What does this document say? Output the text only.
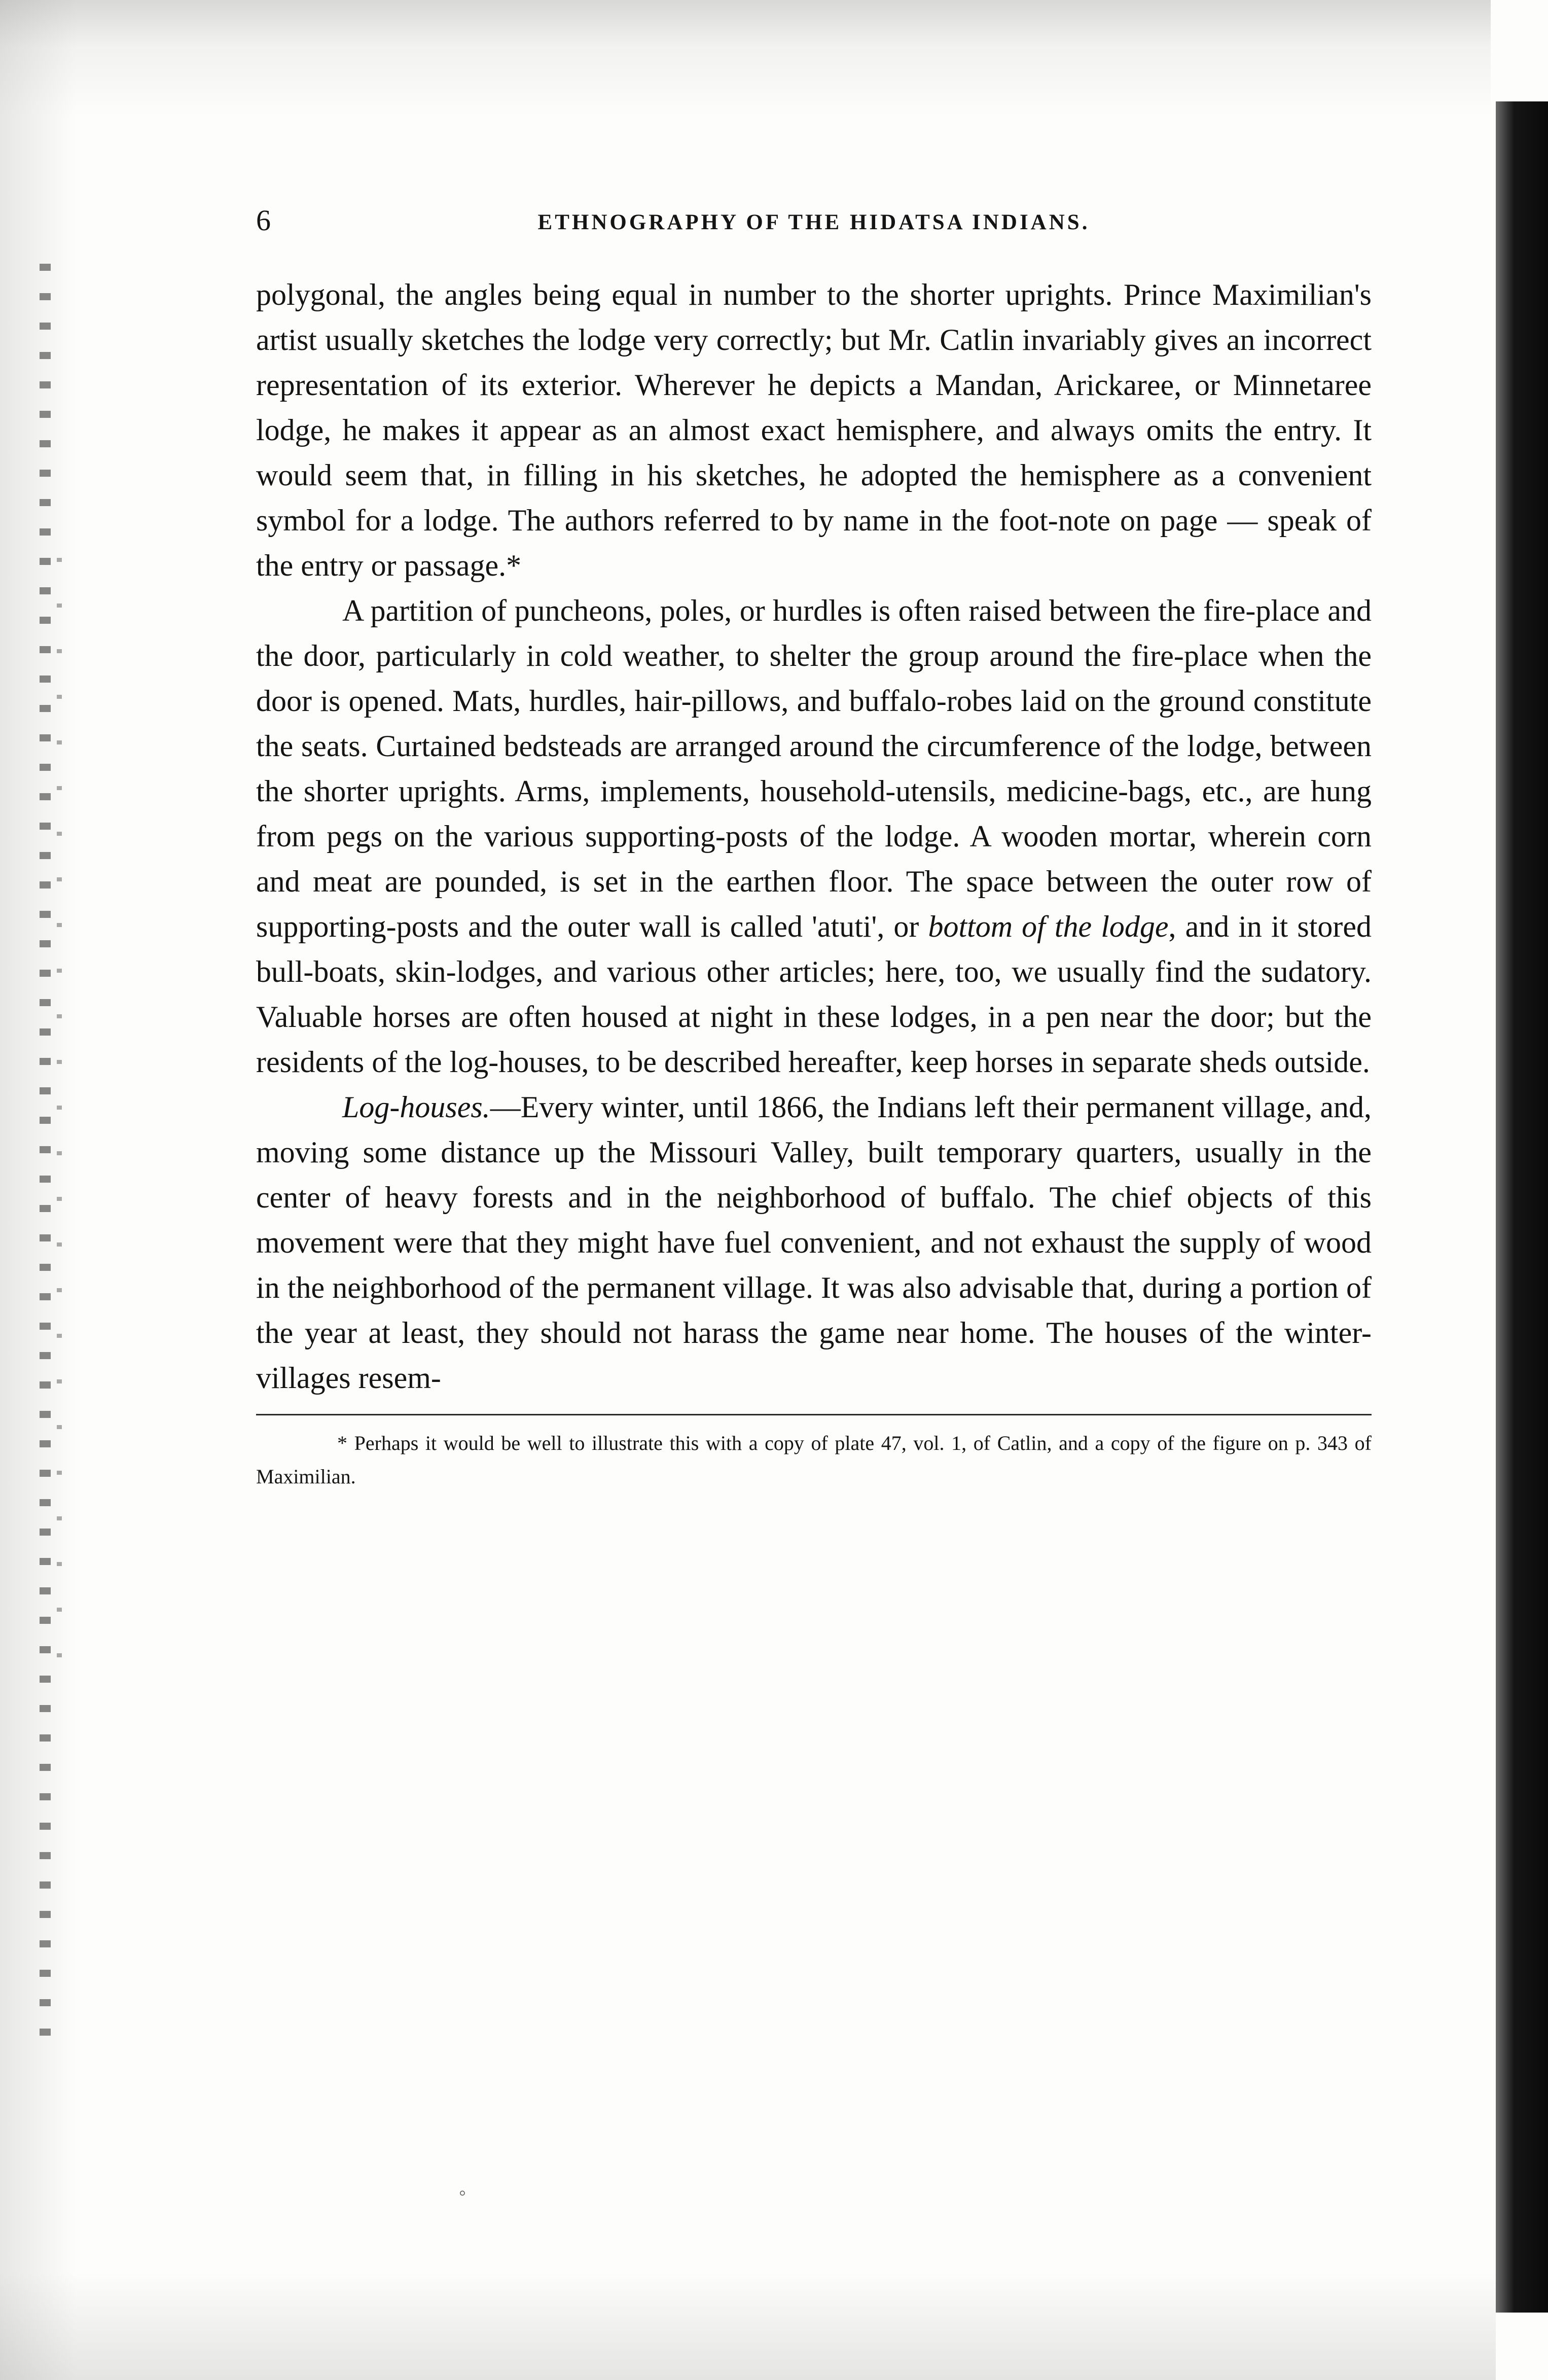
◦
6	ETHNOGRAPHY OF THE HIDATSA INDIANS.

polygonal, the angles being equal in number to the shorter uprights. Prince Maximilian's artist usually sketches the lodge very correctly; but Mr. Catlin invariably gives an incorrect representation of its exterior. Wherever he depicts a Mandan, Arickaree, or Minnetaree lodge, he makes it appear as an almost exact hemisphere, and always omits the entry. It would seem that, in filling in his sketches, he adopted the hemisphere as a convenient symbol for a lodge. The authors referred to by name in the foot-note on page — speak of the entry or passage.*

A partition of puncheons, poles, or hurdles is often raised between the fire-place and the door, particularly in cold weather, to shelter the group around the fire-place when the door is opened. Mats, hurdles, hair-pillows, and buffalo-robes laid on the ground constitute the seats. Curtained bedsteads are arranged around the circumference of the lodge, between the shorter uprights. Arms, implements, household-utensils, medicine-bags, etc., are hung from pegs on the various supporting-posts of the lodge. A wooden mortar, wherein corn and meat are pounded, is set in the earthen floor. The space between the outer row of supporting-posts and the outer wall is called 'atuti', or bottom of the lodge, and in it stored bull-boats, skin-lodges, and various other articles; here, too, we usually find the sudatory. Valuable horses are often housed at night in these lodges, in a pen near the door; but the residents of the log-houses, to be described hereafter, keep horses in separate sheds outside.

Log-houses.—Every winter, until 1866, the Indians left their permanent village, and, moving some distance up the Missouri Valley, built temporary quarters, usually in the center of heavy forests and in the neighborhood of buffalo. The chief objects of this movement were that they might have fuel convenient, and not exhaust the supply of wood in the neighborhood of the permanent village. It was also advisable that, during a portion of the year at least, they should not harass the game near home. The houses of the winter-villages resem-

* Perhaps it would be well to illustrate this with a copy of plate 47, vol. 1, of Catlin, and a copy of the figure on p. 343 of Maximilian.
